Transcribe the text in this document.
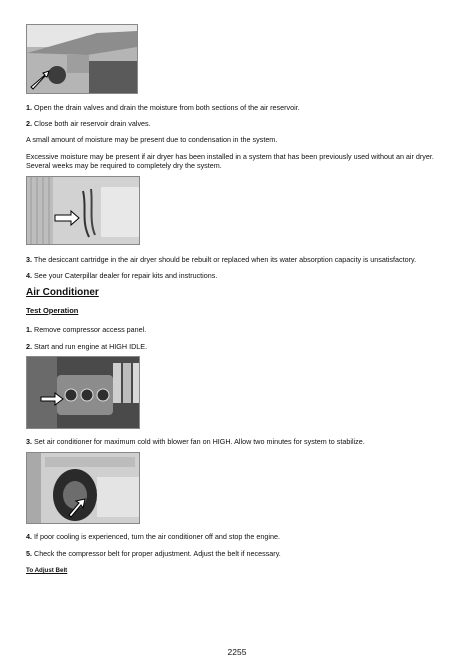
1. Open the drain valves and drain the moisture from both sections of the air reservoir.

2. Close both air reservoir drain valves.

A small amount of moisture may be present due to condensation in the system.

Excessive moisture may be present if air dryer has been installed in a system that has been previously used without an air dryer. Several weeks may be required to completely dry the system.

3. The desiccant cartridge in the air dryer should be rebuilt or replaced when its water absorption capacity is unsatisfactory.

4. See your Caterpillar dealer for repair kits and instructions.

Air Conditioner
Test Operation

1. Remove compressor access panel.

2. Start and run engine at HIGH IDLE.

3. Set air conditioner for maximum cold with blower fan on HIGH. Allow two minutes for system to stabilize.

4. If poor cooling is experienced, turn the air conditioner off and stop the engine.

5. Check the compressor belt for proper adjustment. Adjust the belt if necessary.

To Adjust Belt
2255
